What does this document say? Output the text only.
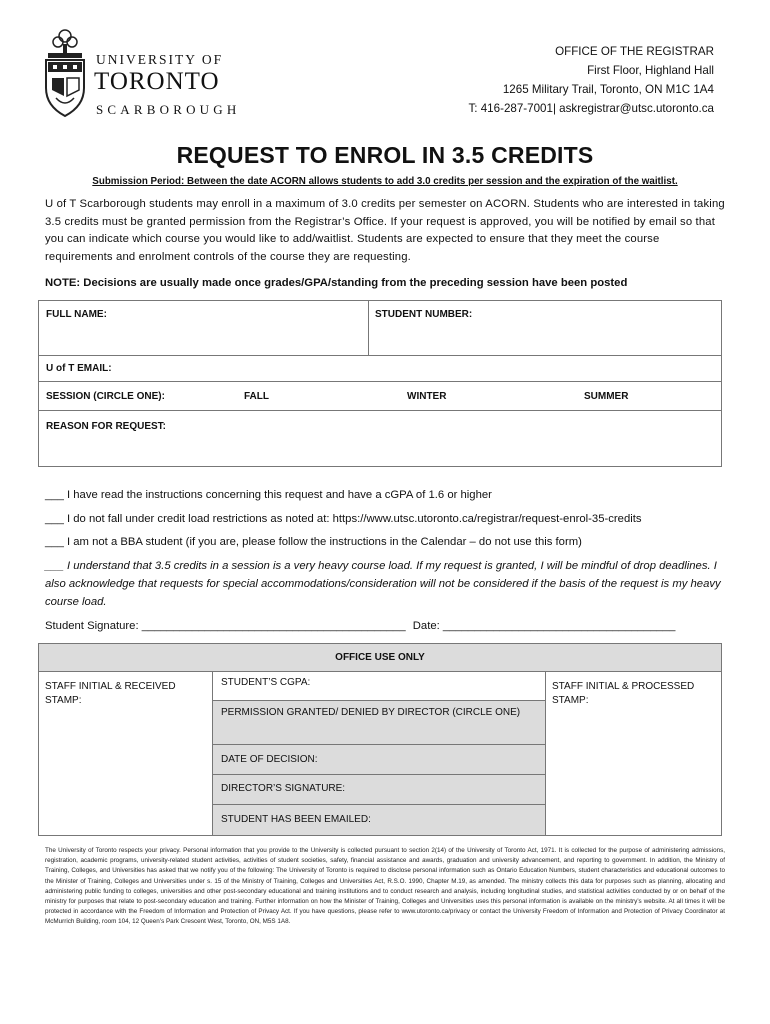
UNIVERSITY OF
TORONTO
SCARBOROUGH
OFFICE OF THE REGISTRAR
First Floor, Highland Hall
1265 Military Trail, Toronto, ON M1C 1A4
T: 416-287-7001| askregistrar@utsc.utoronto.ca
REQUEST TO ENROL IN 3.5 CREDITS
Submission Period: Between the date ACORN allows students to add 3.0 credits per session and the expiration of the waitlist.
U of T Scarborough students may enroll in a maximum of 3.0 credits per semester on ACORN. Students who are interested in taking 3.5 credits must be granted permission from the Registrar’s Office. If your request is approved, you will be notified by email so that you can indicate which course you would like to add/waitlist. Students are expected to ensure that they meet the course requirements and enrolment controls of the course they are requesting.
NOTE: Decisions are usually made once grades/GPA/standing from the preceding session have been posted
FULL NAME:	STUDENT NUMBER:
U of T EMAIL:
SESSION (CIRCLE ONE):	FALL	WINTER	SUMMER
REASON FOR REQUEST:
___ I have read the instructions concerning this request and have a cGPA of 1.6 or higher
___ I do not fall under credit load restrictions as noted at: https://www.utsc.utoronto.ca/registrar/request-enrol-35-credits
___ I am not a BBA student (if you are, please follow the instructions in the Calendar – do not use this form)
___ I understand that 3.5 credits in a session is a very heavy course load. If my request is granted, I will be mindful of drop deadlines. I also acknowledge that requests for special accommodations/consideration will not be considered if the basis of the request is my heavy course load.
Student Signature: __________________________________________ Date: _____________________________________
OFFICE USE ONLY
STAFF INITIAL & RECEIVED STAMP:
STUDENT’S CGPA:
PERMISSION GRANTED/ DENIED BY DIRECTOR (CIRCLE ONE)
DATE OF DECISION:
DIRECTOR’S SIGNATURE:
STUDENT HAS BEEN EMAILED:
STAFF INITIAL & PROCESSED STAMP:
The University of Toronto respects your privacy. Personal information that you provide to the University is collected pursuant to section 2(14) of the University of Toronto Act, 1971. It is collected for the purpose of administering admissions, registration, academic programs, university-related student activities, activities of student societies, safety, financial assistance and awards, graduation and university advancement, and reporting to government. In addition, the Ministry of Training, Colleges, and Universities has asked that we notify you of the following: The University of Toronto is required to disclose personal information such as Ontario Education Numbers, student characteristics and educational outcomes to the Minister of Training, Colleges and Universities under s. 15 of the Ministry of Training, Colleges and Universities Act, R.S.O. 1990, Chapter M.19, as amended. The ministry collects this data for purposes such as planning, allocating and administering public funding to colleges, universities and other post-secondary educational and training institutions and to conduct research and analysis, including longitudinal studies, and statistical activities conducted by or on behalf of the ministry for purposes that relate to post-secondary education and training. Further information on how the Minister of Training, Colleges and Universities uses this personal information is available on the ministry’s website. At all times it will be protected in accordance with the Freedom of Information and Protection of Privacy Act. If you have questions, please refer to www.utoronto.ca/privacy or contact the University Freedom of Information and Protection of Privacy Coordinator at McMurrich Building, room 104, 12 Queen’s Park Crescent West, Toronto, ON, M5S 1A8.
